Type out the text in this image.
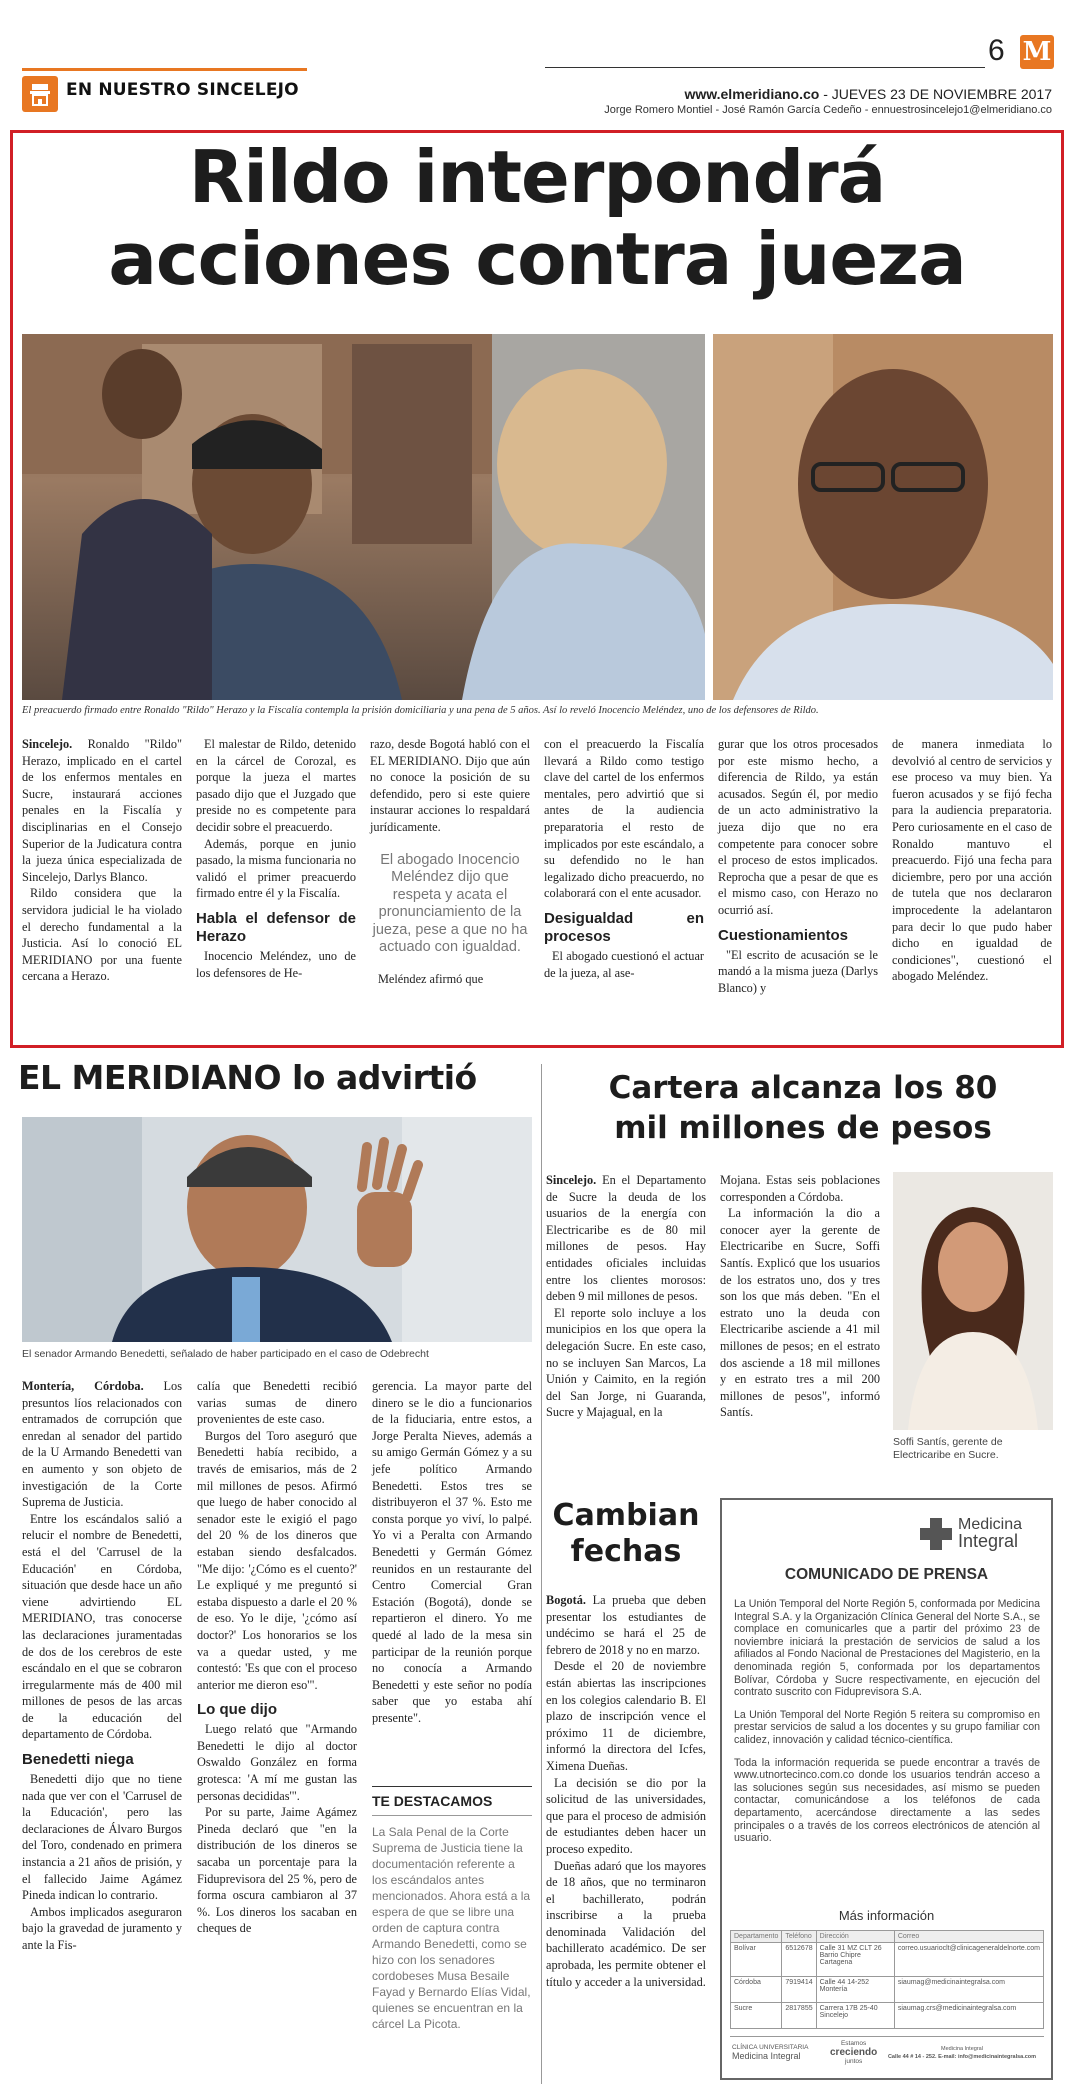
EN NUESTRO SINCELEJO
6 M
www.elmeridiano.co - JUEVES 23 DE NOVIEMBRE 2017
Jorge Romero Montiel - José Ramón García Cedeño - ennuestrosincelejo1@elmeridiano.co
Rildo interpondrá
acciones contra jueza
El preacuerdo firmado entre Ronaldo "Rildo" Herazo y la Fiscalía contempla la prisión domiciliaria y una pena de 5 años. Así lo reveló Inocencio Meléndez, uno de los defensores de Rildo.

Sincelejo. Ronaldo "Rildo" Herazo, implicado en el cartel de los enfermos mentales en Sucre, instaurará acciones penales en la Fiscalía y disciplinarias en el Consejo Superior de la Judicatura contra la jueza única especializada de Sincelejo, Darlys Blanco.

Rildo considera que la servidora judicial le ha violado el derecho fundamental a la Justicia. Así lo conoció EL MERIDIANO por una fuente cercana a Herazo.

El malestar de Rildo, detenido en la cárcel de Corozal, es porque la jueza el martes pasado dijo que el Juzgado que preside no es competente para decidir sobre el preacuerdo.

Además, porque en junio pasado, la misma funcionaria no validó el primer preacuerdo firmado entre él y la Fiscalía.

Habla el defensor de Herazo

Inocencio Meléndez, uno de los defensores de He-

razo, desde Bogotá habló con el EL MERIDIANO. Dijo que aún no conoce la posición de su defendido, pero si este quiere instaurar acciones lo respaldará jurídicamente.

El abogado Inocencio Meléndez dijo que respeta y acata el pronunciamiento de la jueza, pese a que no ha actuado con igualdad.

Meléndez afirmó que

con el preacuerdo la Fiscalía llevará a Rildo como testigo clave del cartel de los enfermos mentales, pero advirtió que si antes de la audiencia preparatoria el resto de implicados por este escándalo, a su defendido no le han legalizado dicho preacuerdo, no colaborará con el ente acusador.

Desigualdad en procesos

El abogado cuestionó el actuar de la jueza, al ase-

gurar que los otros procesados por este mismo hecho, a diferencia de Rildo, ya están acusados. Según él, por medio de un acto administrativo la jueza dijo que no era competente para conocer sobre el proceso de estos implicados. Reprocha que a pesar de que es el mismo caso, con Herazo no ocurrió así.

Cuestionamientos

"El escrito de acusación se le mandó a la misma jueza (Darlys Blanco) y

de manera inmediata lo devolvió al centro de servicios y ese proceso va muy bien. Ya fueron acusados y se fijó fecha para la audiencia preparatoria. Pero curiosamente en el caso de Ronaldo mantuvo el preacuerdo. Fijó una fecha para diciembre, pero por una acción de tutela que nos declararon improcedente la adelantaron para decir lo que pudo haber dicho en igualdad de condiciones", cuestionó el abogado Meléndez.

EL MERIDIANO lo advirtió
El senador Armando Benedetti, señalado de haber participado en el caso de Odebrecht

Montería, Córdoba. Los presuntos líos relacionados con entramados de corrupción que enredan al senador del partido de la U Armando Benedetti van en aumento y son objeto de investigación de la Corte Suprema de Justicia.

Entre los escándalos salió a relucir el nombre de Benedetti, está el del 'Carrusel de la Educación' en Córdoba, situación que desde hace un año viene advirtiendo EL MERIDIANO, tras conocerse las declaraciones juramentadas de dos de los cerebros de este escándalo en el que se cobraron irregularmente más de 400 mil millones de pesos de las arcas de la educación del departamento de Córdoba.

Benedetti niega

Benedetti dijo que no tiene nada que ver con el 'Carrusel de la Educación', pero las declaraciones de Álvaro Burgos del Toro, condenado en primera instancia a 21 años de prisión, y el fallecido Jaime Agámez Pineda indican lo contrario.

Ambos implicados aseguraron bajo la gravedad de juramento y ante la Fis-

calía que Benedetti recibió varias sumas de dinero provenientes de este caso.

Burgos del Toro aseguró que Benedetti había recibido, a través de emisarios, más de 2 mil millones de pesos. Afirmó que luego de haber conocido al senador este le exigió el pago del 20 % de los dineros que estaban siendo desfalcados. "Me dijo: '¿Cómo es el cuento?' Le expliqué y me preguntó si estaba dispuesto a darle el 20 % de eso. Yo le dije, '¿cómo así doctor?' Los honorarios se los va a quedar usted, y me contestó: 'Es que con el proceso anterior me dieron eso'".

Lo que dijo

Luego relató que "Armando Benedetti le dijo al doctor Oswaldo González en forma grotesca: 'A mí me gustan las personas decididas'".

Por su parte, Jaime Agámez Pineda declaró que "en la distribución de los dineros se sacaba un porcentaje para la Fiduprevisora del 25 %, pero de forma oscura cambiaron al 37 %. Los dineros los sacaban en cheques de

gerencia. La mayor parte del dinero se le dio a funcionarios de la fiduciaria, entre estos, a Jorge Peralta Nieves, además a su amigo Germán Gómez y a su jefe político Armando Benedetti. Estos tres se distribuyeron el 37 %. Esto me consta porque yo viví, lo palpé. Yo vi a Peralta con Armando Benedetti y Germán Gómez reunidos en un restaurante del Centro Comercial Gran Estación (Bogotá), donde se repartieron el dinero. Yo me quedé al lado de la mesa sin participar de la reunión porque no conocía a Armando Benedetti y este señor no podía saber que yo estaba ahí presente".

TE DESTACAMOS
La Sala Penal de la Corte Suprema de Justicia tiene la documentación referente a los escándalos antes mencionados. Ahora está a la espera de que se libre una orden de captura contra Armando Benedetti, como se hizo con los senadores cordobeses Musa Besaile Fayad y Bernardo Elías Vidal, quienes se encuentran en la cárcel La Picota.
Cartera alcanza los 80
mil millones de pesos

Sincelejo. En el Departamento de Sucre la deuda de los usuarios de la energía con Electricaribe es de 80 mil millones de pesos. Hay entidades oficiales incluidas entre los clientes morosos: deben 9 mil millones de pesos.

El reporte solo incluye a los municipios en los que opera la delegación Sucre. En este caso, no se incluyen San Marcos, La Unión y Caimito, en la región del San Jorge, ni Guaranda, Sucre y Majagual, en la

Mojana. Estas seis poblaciones corresponden a Córdoba.

La información la dio a conocer ayer la gerente de Electricaribe en Sucre, Soffi Santís. Explicó que los usuarios de los estratos uno, dos y tres son los que más deben. "En el estrato uno la deuda con Electricaribe asciende a 41 mil millones de pesos; en el estrato dos asciende a 18 mil millones y en estrato tres a mil 200 millones de pesos", informó Santís.

Soffi Santís, gerente de Electricaribe en Sucre.
Cambian
fechas

Bogotá. La prueba que deben presentar los estudiantes de undécimo se hará el 25 de febrero de 2018 y no en marzo.

Desde el 20 de noviembre están abiertas las inscripciones en los colegios calendario B. El plazo de inscripción vence el próximo 11 de diciembre, informó la directora del Icfes, Ximena Dueñas.

La decisión se dio por la solicitud de las universidades, que para el proceso de admisión de estudiantes deben hacer un proceso expedito.

Dueñas adaró que los mayores de 18 años, que no terminaron el bachillerato, podrán inscribirse a la prueba denominada Validación del bachillerato académico. De ser aprobada, les permite obtener el título y acceder a la universidad.

Medicina
Integral
COMUNICADO DE PRENSA

La Unión Temporal del Norte Región 5, conformada por Medicina Integral S.A. y la Organización Clínica General del Norte S.A., se complace en comunicarles que a partir del próximo 23 de noviembre iniciará la prestación de servicios de salud a los afiliados al Fondo Nacional de Prestaciones del Magisterio, en la denominada región 5, conformada por los departamentos Bolívar, Córdoba y Sucre respectivamente, en ejecución del contrato suscrito con Fiduprevisora S.A.

La Unión Temporal del Norte Región 5 reitera su compromiso en prestar servicios de salud a los docentes y su grupo familiar con calidez, innovación y calidad técnico-científica.

Toda la información requerida se puede encontrar a través de www.utnortecinco.com.co donde los usuarios tendrán acceso a las soluciones según sus necesidades, así mismo se pueden contactar, comunicándose a los teléfonos de cada departamento, acercándose directamente a las sedes principales o a través de los correos electrónicos de atención al usuario.

Más información
Departamento	Teléfono	Dirección	Correo
Bolívar	6512678	Calle 31 MZ CLT 26 Barrio Chipre Cartagena	correo.usuarioclt@clinicageneraldelnorte.com
Córdoba	7919414	Calle 44 14-252 Montería	siaumag@medicinaintegralsa.com
Sucre	2817855	Carrera 17B 25-40 Sincelejo	siaumag.crs@medicinaintegralsa.com
CLÍNICA UNIVERSITARIA
Medicina Integral
Estamos
creciendo
juntos
Medicina Integral
Calle 44 # 14 - 252. E-mail: info@medicinaintegralsa.com
